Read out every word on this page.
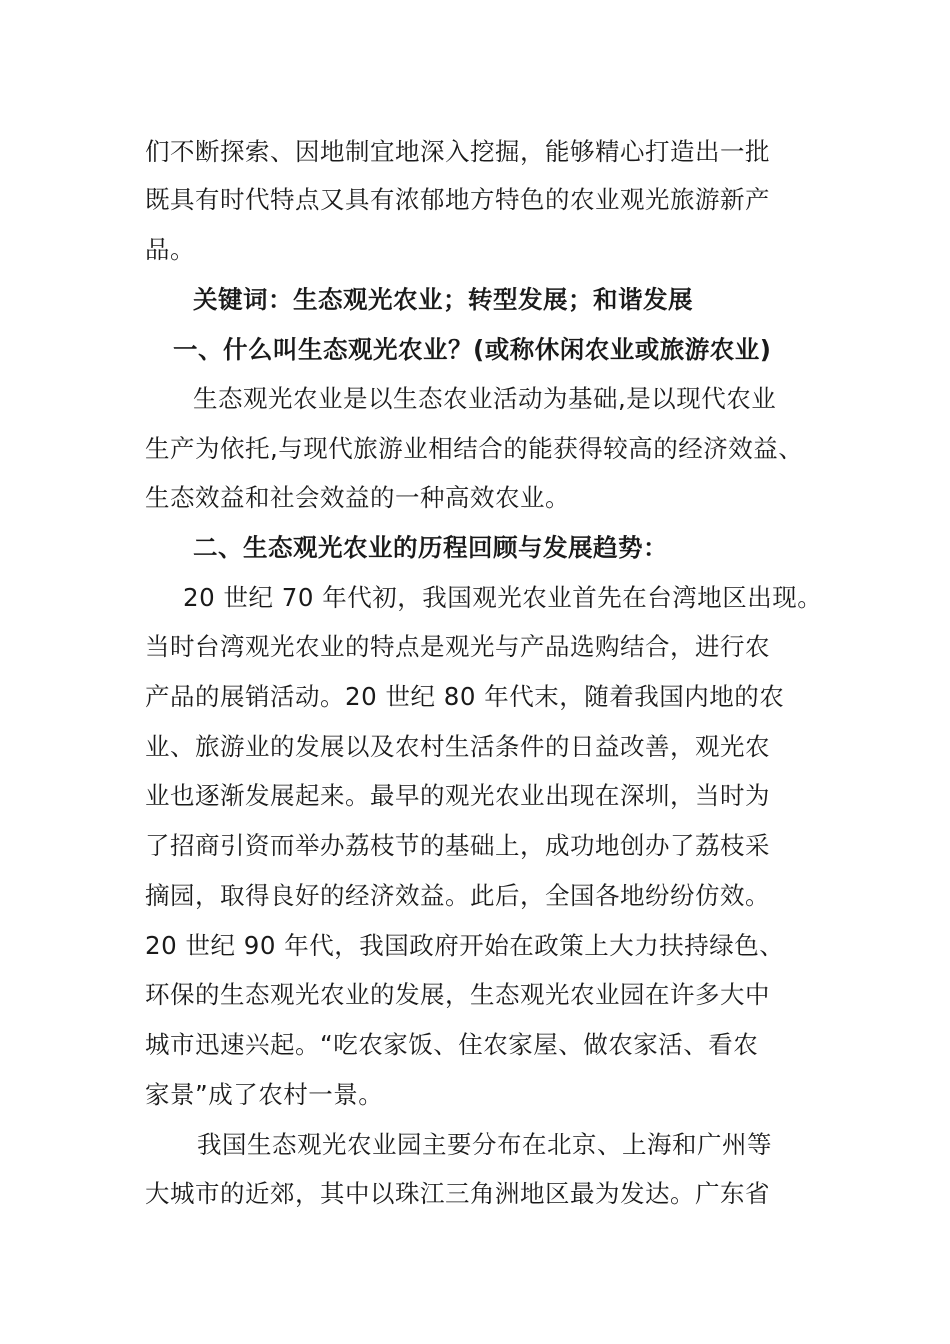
们不断探索、因地制宜地深入挖掘，能够精心打造出一批
既具有时代特点又具有浓郁地方特色的农业观光旅游新产
品。
关键词：生态观光农业；转型发展；和谐发展
一、什么叫生态观光农业？(或称休闲农业或旅游农业)
生态观光农业是以生态农业活动为基础,是以现代农业
生产为依托,与现代旅游业相结合的能获得较高的经济效益、
生态效益和社会效益的一种高效农业。
二、生态观光农业的历程回顾与发展趋势：
20 世纪 70 年代初，我国观光农业首先在台湾地区出现。
当时台湾观光农业的特点是观光与产品选购结合，进行农
产品的展销活动。20 世纪 80 年代末，随着我国内地的农
业、旅游业的发展以及农村生活条件的日益改善，观光农
业也逐渐发展起来。最早的观光农业出现在深圳，当时为
了招商引资而举办荔枝节的基础上，成功地创办了荔枝采
摘园，取得良好的经济效益。此后，全国各地纷纷仿效。
20 世纪 90 年代，我国政府开始在政策上大力扶持绿色、
环保的生态观光农业的发展，生态观光农业园在许多大中
城市迅速兴起。“吃农家饭、住农家屋、做农家活、看农
家景”成了农村一景。
我国生态观光农业园主要分布在北京、上海和广州等
大城市的近郊，其中以珠江三角洲地区最为发达。广东省
